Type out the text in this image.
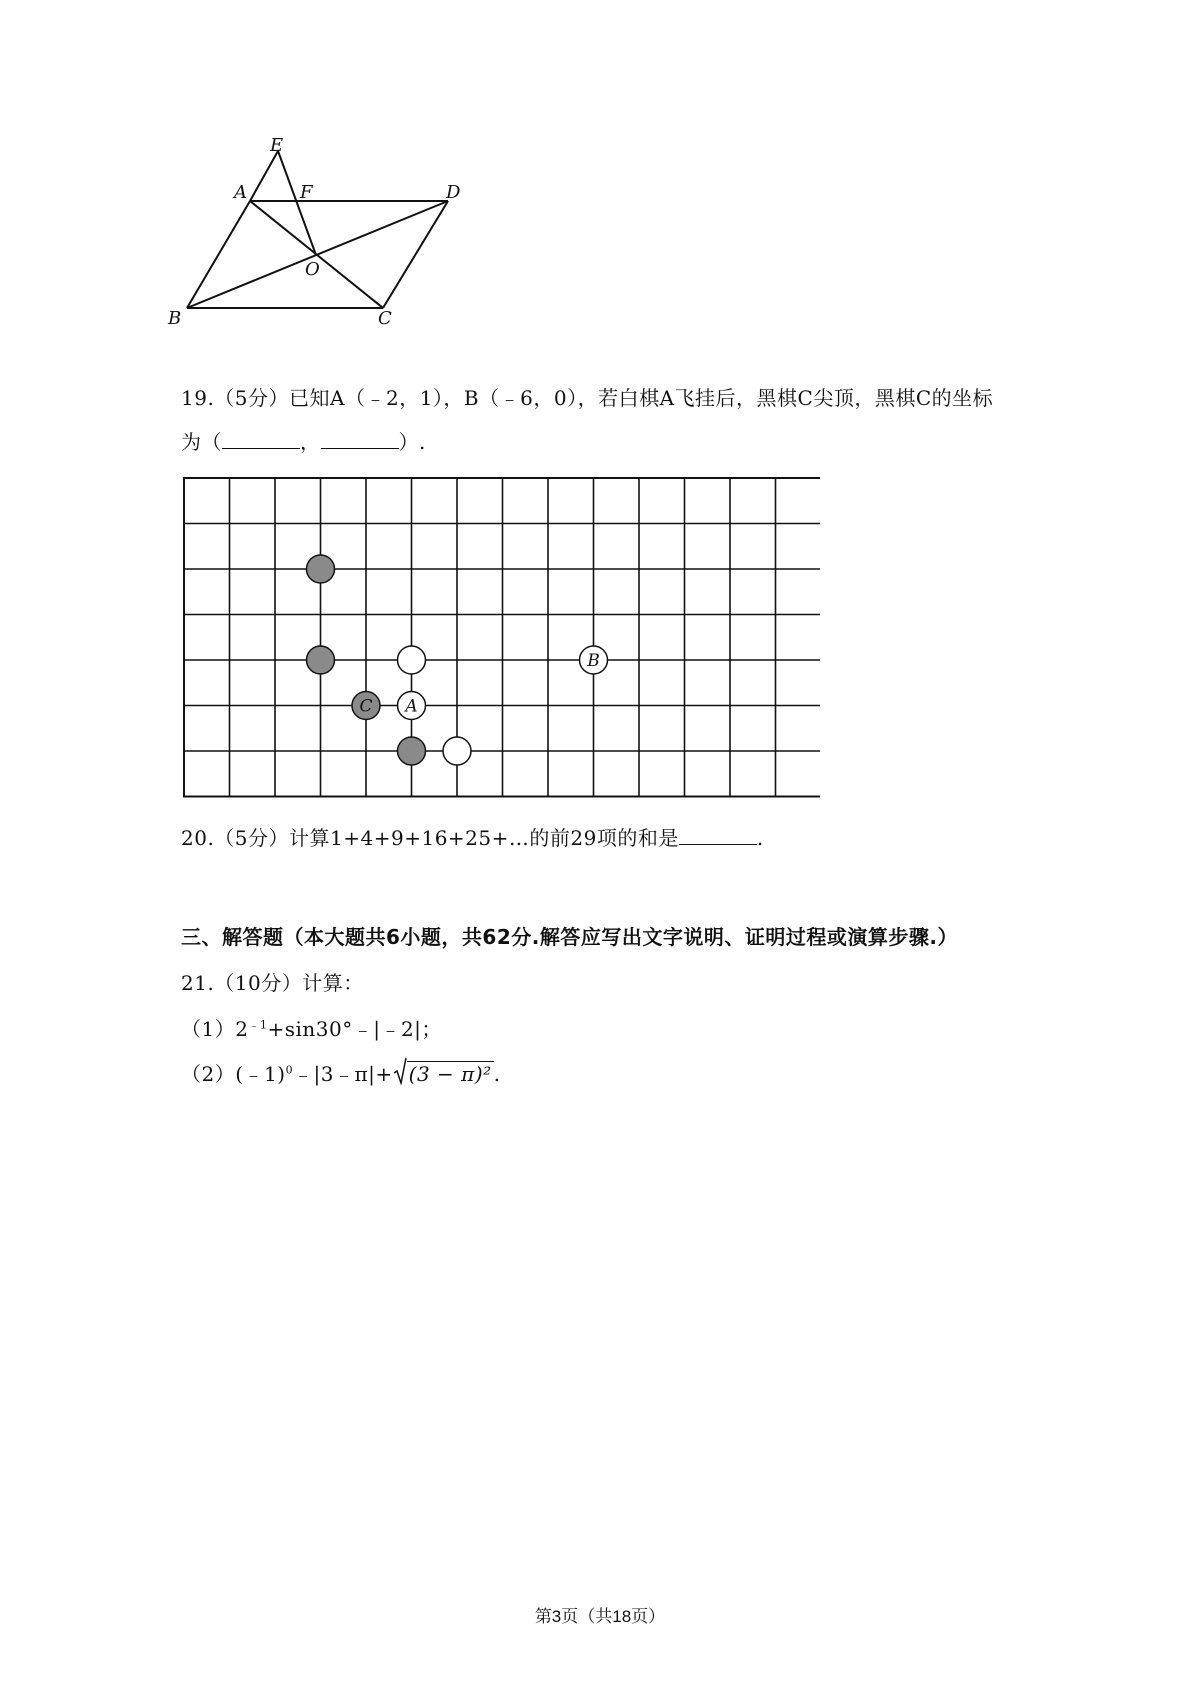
E
A	F	D
O
B	C
19.（5分）已知A（﹣2，1），B（﹣6，0），若白棋A飞挂后，黑棋C尖顶，黑棋C的坐标
为（	，	）.
B
C A
20.（5分）计算1+4+9+16+25+…的前29项的和是	.
三、解答题（本大题共6小题，共62分.解答应写出文字说明、证明过程或演算步骤.）
21.（10分）计算：
$(1)2^{﹣1}+\sin 30^\circ﹣|﹣2|$；
（2）(﹣1)$^0$﹣|3﹣π|+ (3 − π)² .
第3页（共18页）
